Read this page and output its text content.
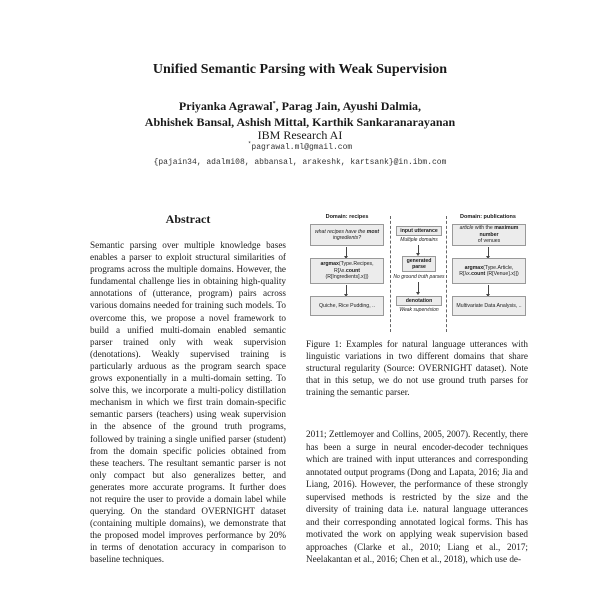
Unified Semantic Parsing with Weak Supervision
Priyanka Agrawal*, Parag Jain, Ayushi Dalmia,
Abhishek Bansal, Ashish Mittal, Karthik Sankaranarayanan
IBM Research AI
*pagrawal.ml@gmail.com
{pajain34, adalmi08, abbansal, arakeshk, kartsank}@in.ibm.com
Abstract
Semantic parsing over multiple knowledge bases enables a parser to exploit structural similarities of programs across the multiple domains. However, the fundamental challenge lies in obtaining high-quality annotations of (utterance, program) pairs across various domains needed for training such models. To overcome this, we propose a novel framework to build a unified multi-domain enabled semantic parser trained only with weak supervision (denotations). Weakly supervised training is particularly arduous as the program search space grows exponentially in a multi-domain setting. To solve this, we incorporate a multi-policy distillation mechanism in which we first train domain-specific semantic parsers (teachers) using weak supervision in the absence of the ground truth programs, followed by training a single unified parser (student) from the domain specific policies obtained from these teachers. The resultant semantic parser is not only compact but also generalizes better, and generates more accurate programs. It further does not require the user to provide a domain label while querying. On the standard OVERNIGHT dataset (containing multiple domains), we demonstrate that the proposed model improves performance by 20% in terms of denotation accuracy in comparison to baseline techniques.
Domain: recipes
what recipes have the most
ingredients?
argmax(Type.Recipes, R[λx.count (R[Ingredients].x)])
Quiche, Rice Pudding, ..
input utterance
Multiple domains
generated parse
No ground truth parses
denotation
Weak supervision
Domain: publications
article with the maximum number
of venues
argmax(Type.Article, R[λx.count (R[Venue].x)])
Multivariate Data Analysis, ..
Figure 1: Examples for natural language utterances with linguistic variations in two different domains that share structural regularity (Source: OVERNIGHT dataset). Note that in this setup, we do not use ground truth parses for training the semantic parser.
2011; Zettlemoyer and Collins, 2005, 2007). Recently, there has been a surge in neural encoder-decoder techniques which are trained with input utterances and corresponding annotated output programs (Dong and Lapata, 2016; Jia and Liang, 2016). However, the performance of these strongly supervised methods is restricted by the size and the diversity of training data i.e. natural language utterances and their corresponding annotated logical forms. This has motivated the work on applying weak supervision based approaches (Clarke et al., 2010; Liang et al., 2017; Neelakantan et al., 2016; Chen et al., 2018), which use de-
